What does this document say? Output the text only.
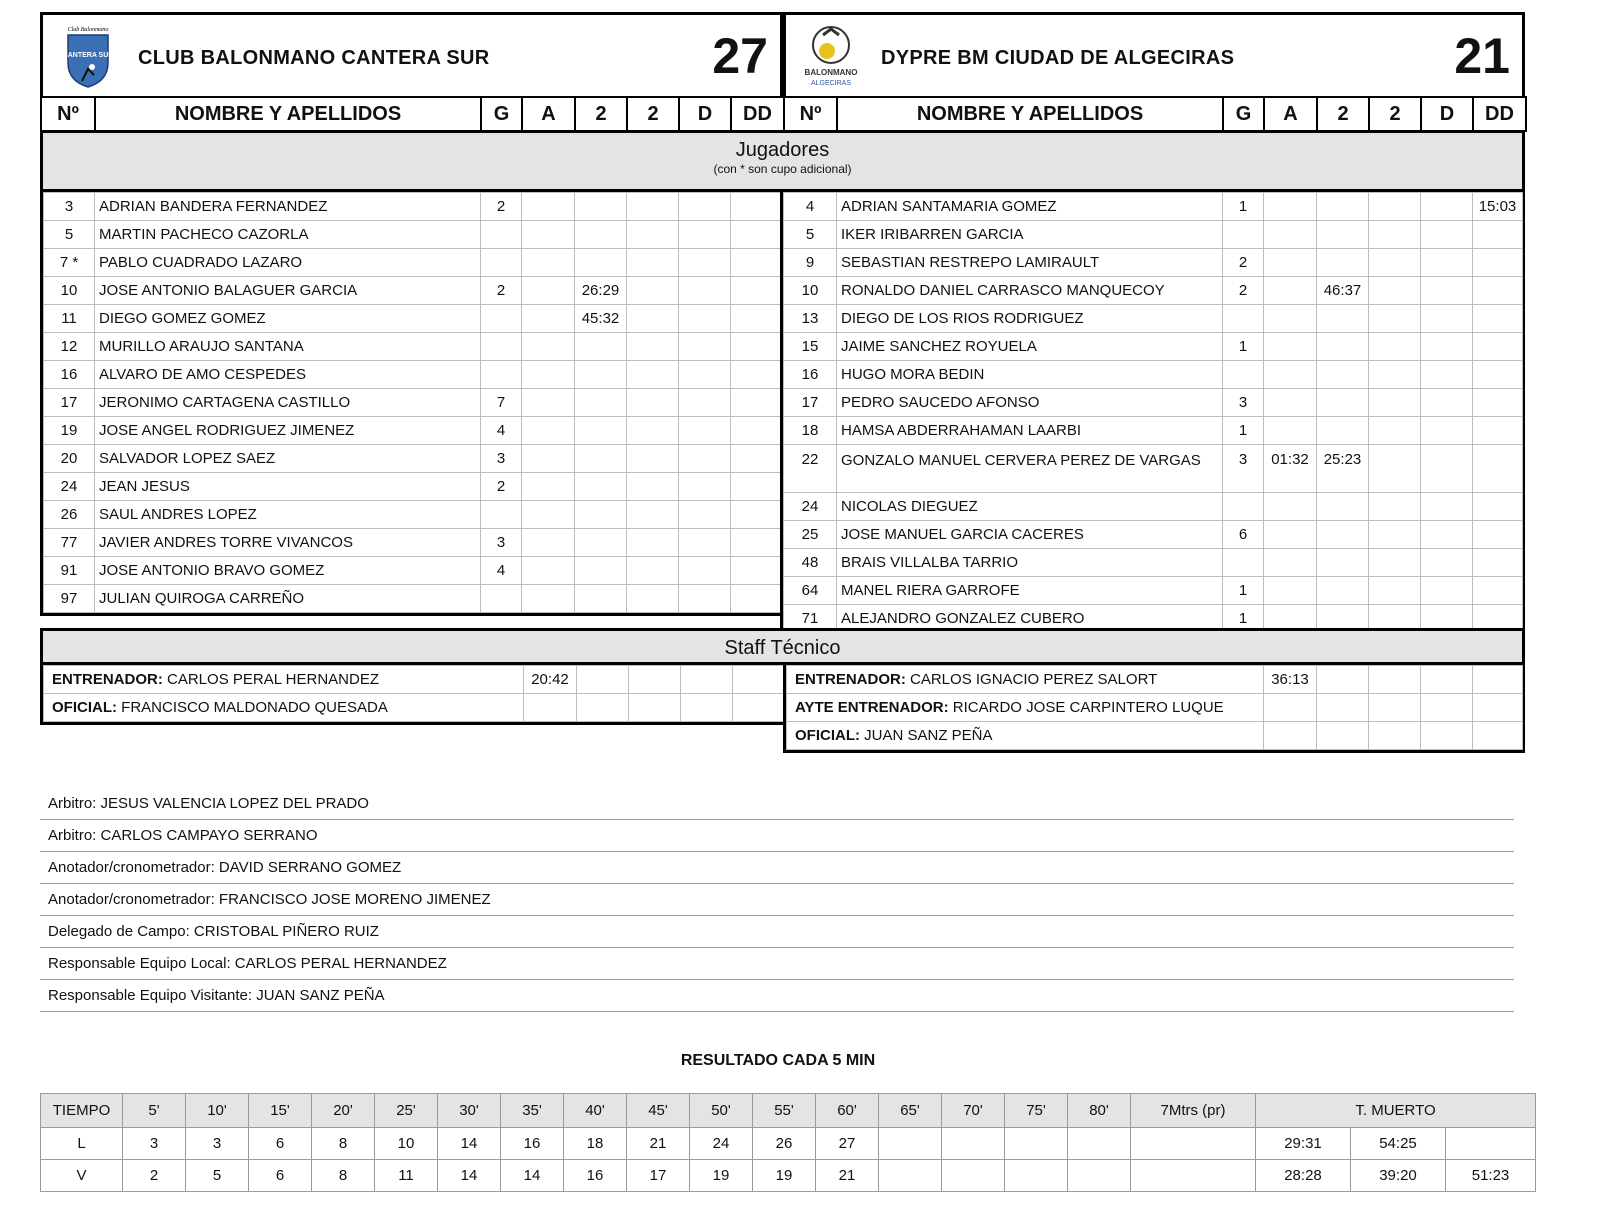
Club Balonmano
CANTERA SUR CLUB BALONMANO CANTERA SUR	27	BALONMANO
ALGECIRAS
DYPRE BM CIUDAD DE ALGECIRAS	21
Nº	NOMBRE Y APELLIDOS	G	A	2	2	D	DD Nº	NOMBRE Y APELLIDOS	G	A	2	2	D	DD
Jugadores
(con * son cupo adicional)
3	ADRIAN BANDERA FERNANDEZ	2					
5	MARTIN PACHECO CAZORLA						
7 *	PABLO CUADRADO LAZARO						
10	JOSE ANTONIO BALAGUER GARCIA	2		26:29			
11	DIEGO GOMEZ GOMEZ			45:32			
12	MURILLO ARAUJO SANTANA						
16	ALVARO DE AMO CESPEDES						
17	JERONIMO CARTAGENA CASTILLO	7					
19	JOSE ANGEL RODRIGUEZ JIMENEZ	4					
20	SALVADOR LOPEZ SAEZ	3					
24	JEAN JESUS	2					
26	SAUL ANDRES LOPEZ						
77	JAVIER ANDRES TORRE VIVANCOS	3					
91	JOSE ANTONIO BRAVO GOMEZ	4					
97	JULIAN QUIROGA CARREÑO						
4	ADRIAN SANTAMARIA GOMEZ	1					15:03
5	IKER IRIBARREN GARCIA						
9	SEBASTIAN RESTREPO LAMIRAULT	2					
10	RONALDO DANIEL CARRASCO MANQUECOY	2		46:37			
13	DIEGO DE LOS RIOS RODRIGUEZ						
15	JAIME SANCHEZ ROYUELA	1					
16	HUGO MORA BEDIN						
17	PEDRO SAUCEDO AFONSO	3					
18	HAMSA ABDERRAHAMAN LAARBI	1					
22	GONZALO MANUEL CERVERA PEREZ DE VARGAS	3	01:32	25:23			
24	NICOLAS DIEGUEZ						
25	JOSE MANUEL GARCIA CACERES	6					
48	BRAIS VILLALBA TARRIO						
64	MANEL RIERA GARROFE	1					
71	ALEJANDRO GONZALEZ CUBERO	1					
Staff Técnico
ENTRENADOR: CARLOS PERAL HERNANDEZ	20:42				
OFICIAL: FRANCISCO MALDONADO QUESADA					
ENTRENADOR: CARLOS IGNACIO PEREZ SALORT	36:13				
AYTE ENTRENADOR: RICARDO JOSE CARPINTERO LUQUE					
OFICIAL: JUAN SANZ PEÑA					
Arbitro: JESUS VALENCIA LOPEZ DEL PRADO
Arbitro: CARLOS CAMPAYO SERRANO
Anotador/cronometrador: DAVID SERRANO GOMEZ
Anotador/cronometrador: FRANCISCO JOSE MORENO JIMENEZ
Delegado de Campo: CRISTOBAL PIÑERO RUIZ
Responsable Equipo Local: CARLOS PERAL HERNANDEZ
Responsable Equipo Visitante: JUAN SANZ PEÑA
RESULTADO CADA 5 MIN
TIEMPO	5'	10'	15'	20'	25'	30'	35'	40'	45'	50'	55'	60'	65'	70'	75'	80'	7Mtrs (pr)	T. MUERTO		
L	3	3	6	8	10	14	16	18	21	24	26	27						29:31	54:25	
V	2	5	6	8	11	14	14	16	17	19	19	21						28:28	39:20	51:23
